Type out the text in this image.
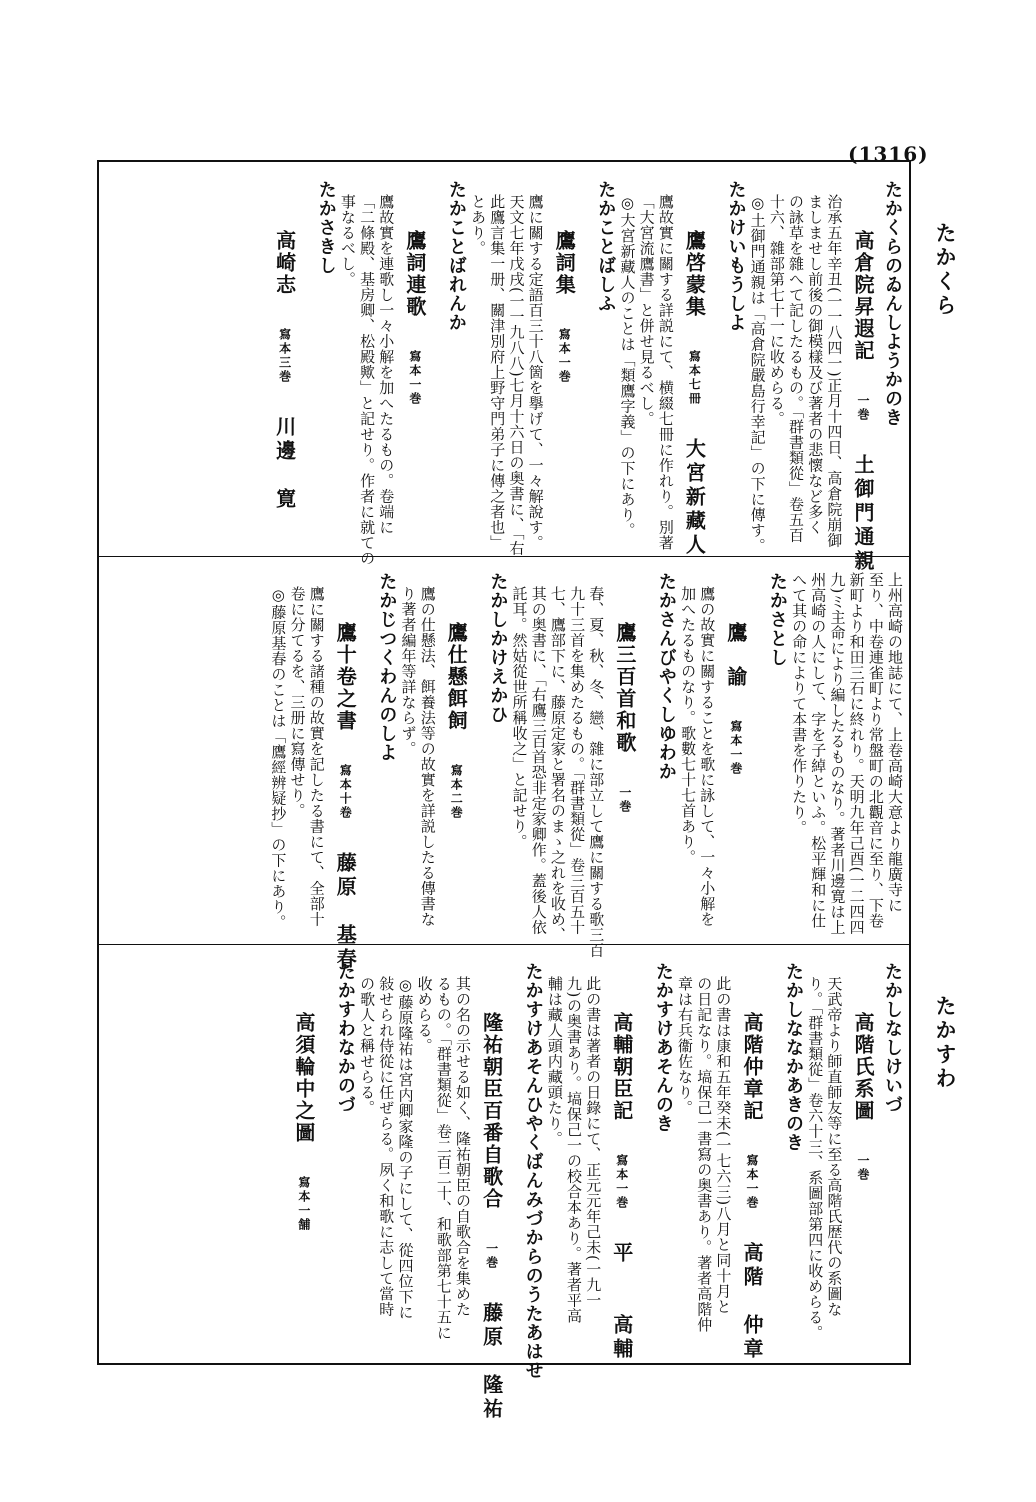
(1316)
たかくら
たかすわ
たかくらのゐんしようかのき
高倉院昇遐記一巻土御門通親
治承五年辛丑(一一八四一)正月十四日、高倉院崩御
ましませし前後の御模樣及び著者の悲懷など多く
の詠草を雜へて記したるもの。「群書類從」卷五百
十六、雜部第七十一に收めらる。
◎土御門通親は「高倉院嚴島行幸記」の下に傳す。
たかけいもうしよ
鷹啓蒙集寫本七冊大宮新藏人
鷹故實に關する詳説にて、横綴七冊に作れり。別著
「大宮流鷹書」と併せ見るべし。
◎大宮新藏人のことは「類鷹字義」の下にあり。
たかことばしふ
鷹詞集寫本一巻
鷹に關する定語百三十八箇を擧げて、一々解說す。
天文七年戊戌(一一九八八)七月十六日の奥書に、「右
此鷹言集一册、關津別府上野守門弟子に傳之者也」
とあり。
たかことばれんか
鷹詞連歌寫本一巻
鷹故實を連歌し一々小解を加へたるもの。卷端に
「二條殿、基房卿、松殿歟」と記せり。作者に就ての
事なるべし。
たかさきし
高崎志寫本三巻川邊　寛
上州高崎の地誌にて、上卷高崎大意より龍廣寺に
至り、中卷連雀町より常盤町の北觀音に至り、下卷
新町より和田三石に終れり。天明九年己酉(一二四四
九)ミ主命により編したるものなり。著者川邊寛は上
州高崎の人にして、字を子綽といふ。松平輝和に仕
へて其の命によりて本書を作りたり。
たかさとし
鷹　諭寫本一巻
鷹の故實に關することを歌に詠して、一々小解を
加へたるものなり。歌數七十七首あり。
たかさんびやくしゆわか
鷹三百首和歌一巻
春、夏、秋、冬、戀、雜に部立して鷹に關する歌三百
九十三首を集めたるもの。「群書類從」卷三百五十
七、鷹部下に、藤原定家と署名のまゝ之れを收め、
其の奥書に、「右鷹三百首恐非定家卿作。蓋後人依
託耳。然姑從世所稱收之」と記せり。
たかしかけえかひ
鷹仕懸餌飼寫本二巻
鷹の仕懸法、餌養法等の故實を詳説したる傳書な
り著者編年等詳ならず。
たかじつくわんのしよ
鷹十卷之書寫本十卷藤原　基春
鷹に關する諸種の故實を記したる書にて、全部十
卷に分てるを、三册に寫傳せり。
◎藤原基春のことは「鷹經辨疑抄」の下にあり。
たかしなしけいづ
高階氏系圖一巻
天武帝より師直師友等に至る高階氏歴代の系圖な
り。「群書類從」卷六十三、系圖部第四に收めらる。
たかしななかあきのき
高階仲章記寫本一巻高階　仲章
此の書は康和五年癸未(一七六三)八月と同十月と
の日記なり。塙保己一書寫の奥書あり。著者高階仲
章は右兵衞佐なり。
たかすけあそんのき
高輔朝臣記寫本一巻平　　高輔
此の書は著者の日錄にて、正元元年己未(一九一
九)の奥書あり。塙保己一の校合本あり。著者平高
輔は藏人頭内藏頭たり。
たかすけあそんひやくばんみづからのうたあはせ
隆祐朝臣百番自歌合一巻藤原　隆祐
其の名の示せる如く、隆祐朝臣の自歌合を集めた
るもの。「群書類從」卷二百二十、和歌部第七十五に
收めらる。
◎藤原隆祐は宮内卿家隆の子にして、從四位下に
敍せられ侍從に任ぜらる。夙く和歌に志して當時
の歌人と稱せらる。
たかすわなかのづ
高須輪中之圖寫本一舗
